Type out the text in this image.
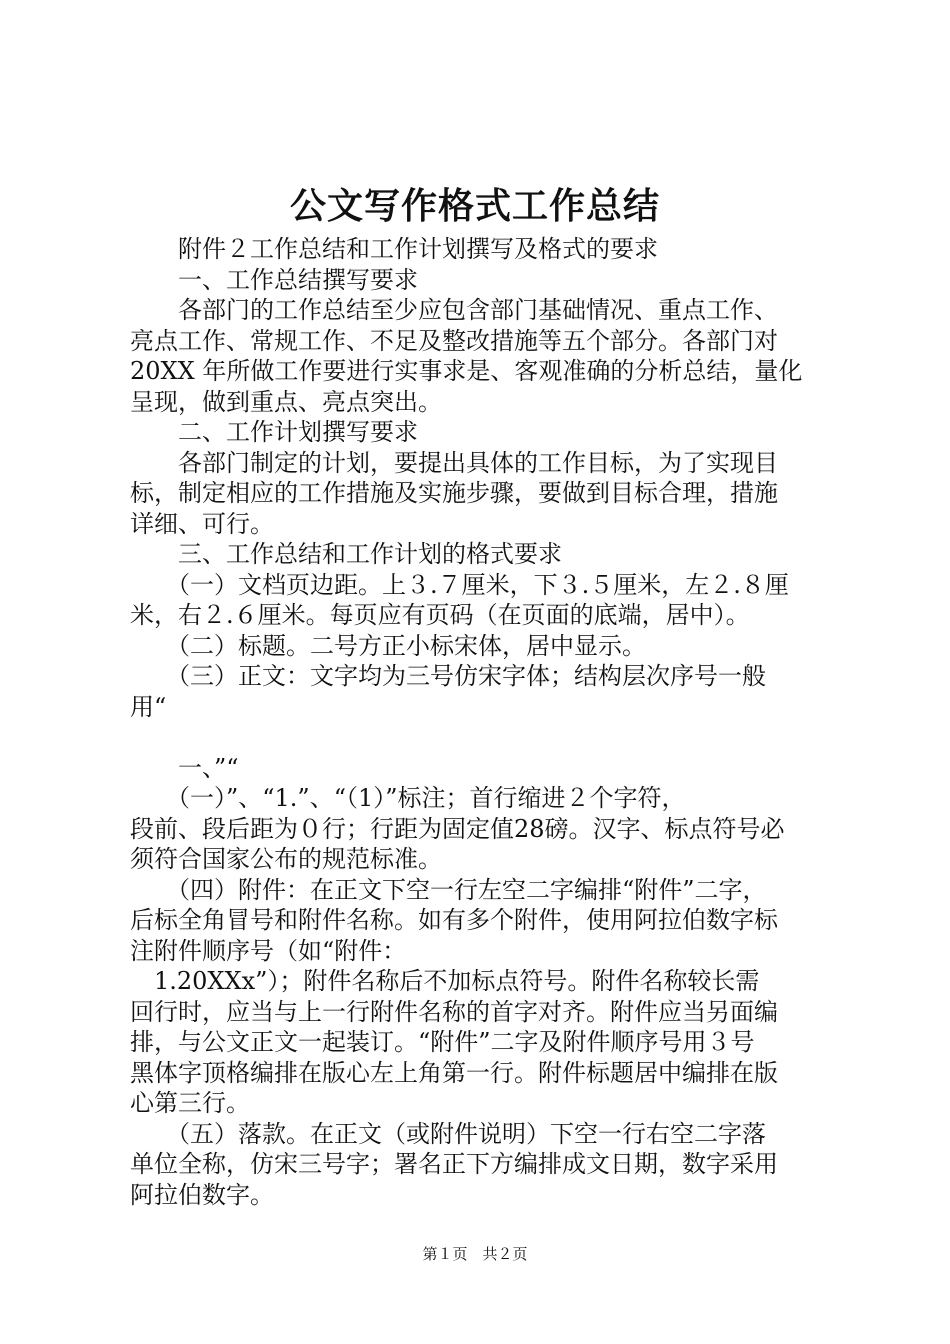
公文写作格式工作总结
　　附件２工作总结和工作计划撰写及格式的要求
　　一、工作总结撰写要求
　　各部门的工作总结至少应包含部门基础情况、重点工作、
亮点工作、常规工作、不足及整改措施等五个部分。各部门对
20XX 年所做工作要进行实事求是、客观准确的分析总结，量化
呈现，做到重点、亮点突出。
　　二、工作计划撰写要求
　　各部门制定的计划，要提出具体的工作目标，为了实现目
标，制定相应的工作措施及实施步骤，要做到目标合理，措施
详细、可行。
　　三、工作总结和工作计划的格式要求
　　（一）文档页边距。上３.７厘米，下３.５厘米，左２.８厘
米，右２.６厘米。每页应有页码（在页面的底端，居中）。
　　（二）标题。二号方正小标宋体，居中显示。
　　（三）正文：文字均为三号仿宋字体；结构层次序号一般
用“
　　一、”“
　　（一）”、“1.”、“（1）”标注；首行缩进２个字符，
段前、段后距为０行；行距为固定值28磅。汉字、标点符号必
须符合国家公布的规范标准。
　　（四）附件：在正文下空一行左空二字编排“附件”二字，
后标全角冒号和附件名称。如有多个附件，使用阿拉伯数字标
注附件顺序号（如“附件：
　1.20XXx”）；附件名称后不加标点符号。附件名称较长需
回行时，应当与上一行附件名称的首字对齐。附件应当另面编
排，与公文正文一起装订。“附件”二字及附件顺序号用３号
黑体字顶格编排在版心左上角第一行。附件标题居中编排在版
心第三行。
　　（五）落款。在正文（或附件说明）下空一行右空二字落
单位全称，仿宋三号字；署名正下方编排成文日期，数字采用
阿拉伯数字。
第１页　共２页
